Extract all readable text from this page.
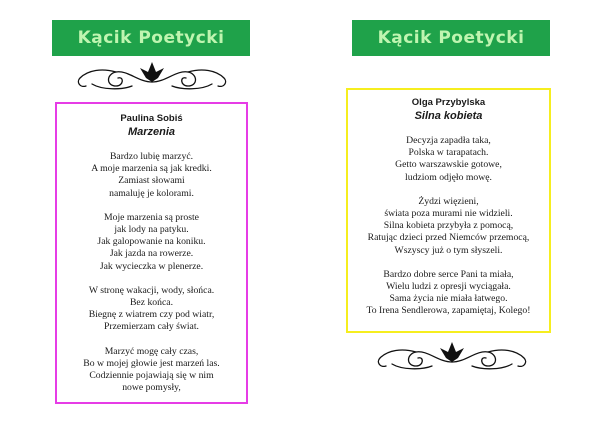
Kącik Poetycki	Kącik Poetycki
Paulina Sobiś
Marzenia
Bardzo lubię marzyć.
A moje marzenia są jak kredki.
Zamiast słowami
namaluję je kolorami.
Moje marzenia są proste
jak lody na patyku.
Jak galopowanie na koniku.
Jak jazda na rowerze.
Jak wycieczka w plenerze.
W stronę wakacji, wody, słońca.
Bez końca.
Biegnę z wiatrem czy pod wiatr,
Przemierzam cały świat.
Marzyć mogę cały czas,
Bo w mojej głowie jest marzeń las.
Codziennie pojawiają się w nim
nowe pomysły,
Olga Przybylska
Silna kobieta
Decyzja zapadła taka,
Polska w tarapatach.
Getto warszawskie gotowe,
ludziom odjęło mowę.
Żydzi więzieni,
świata poza murami nie widzieli.
Silna kobieta przybyła z pomocą,
Ratując dzieci przed Niemców przemocą,
Wszyscy już o tym słyszeli.
Bardzo dobre serce Pani ta miała,
Wielu ludzi z opresji wyciągała.
Sama życia nie miała łatwego.
To Irena Sendlerowa, zapamiętaj, Kolego!
